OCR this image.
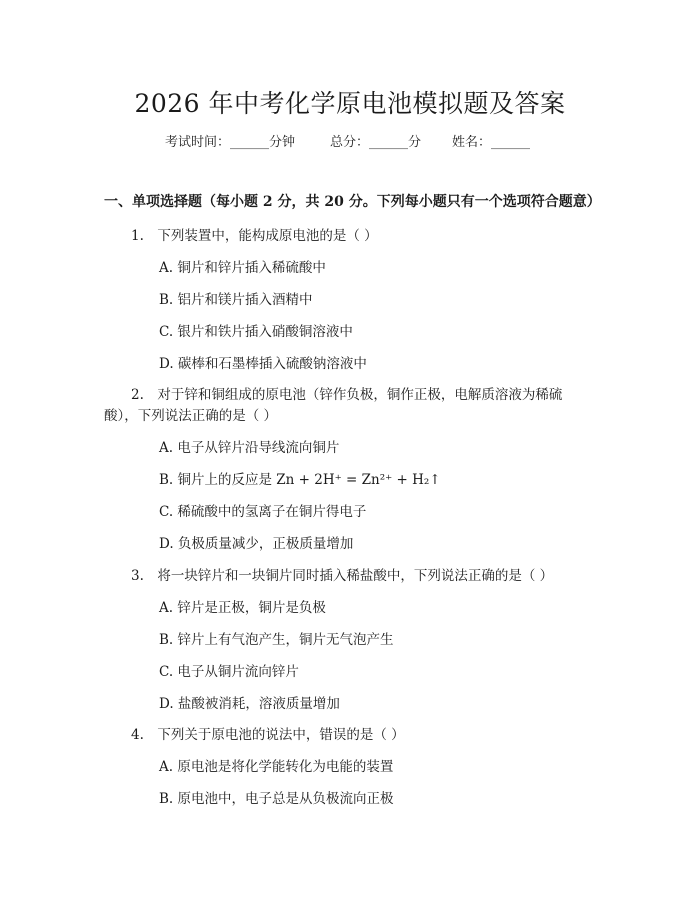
2026 年中考化学原电池模拟题及答案
考试时间：______分钟	总分：______分 姓名：______
一、单项选择题（每小题 2 分，共 20 分。下列每小题只有一个选项符合题意）
1.　下列装置中，能构成原电池的是（ ）
A. 铜片和锌片插入稀硫酸中
B. 铝片和镁片插入酒精中
C. 银片和铁片插入硝酸铜溶液中
D. 碳棒和石墨棒插入硫酸钠溶液中
2.　对于锌和铜组成的原电池（锌作负极，铜作正极，电解质溶液为稀硫
酸），下列说法正确的是（ ）
A. 电子从锌片沿导线流向铜片
B. 铜片上的反应是 Zn + 2H⁺ = Zn²⁺ + H₂↑
C. 稀硫酸中的氢离子在铜片得电子
D. 负极质量减少，正极质量增加
3.　将一块锌片和一块铜片同时插入稀盐酸中，下列说法正确的是（ ）
A. 锌片是正极，铜片是负极
B. 锌片上有气泡产生，铜片无气泡产生
C. 电子从铜片流向锌片
D. 盐酸被消耗，溶液质量增加
4.　下列关于原电池的说法中，错误的是（ ）
A. 原电池是将化学能转化为电能的装置
B. 原电池中，电子总是从负极流向正极
